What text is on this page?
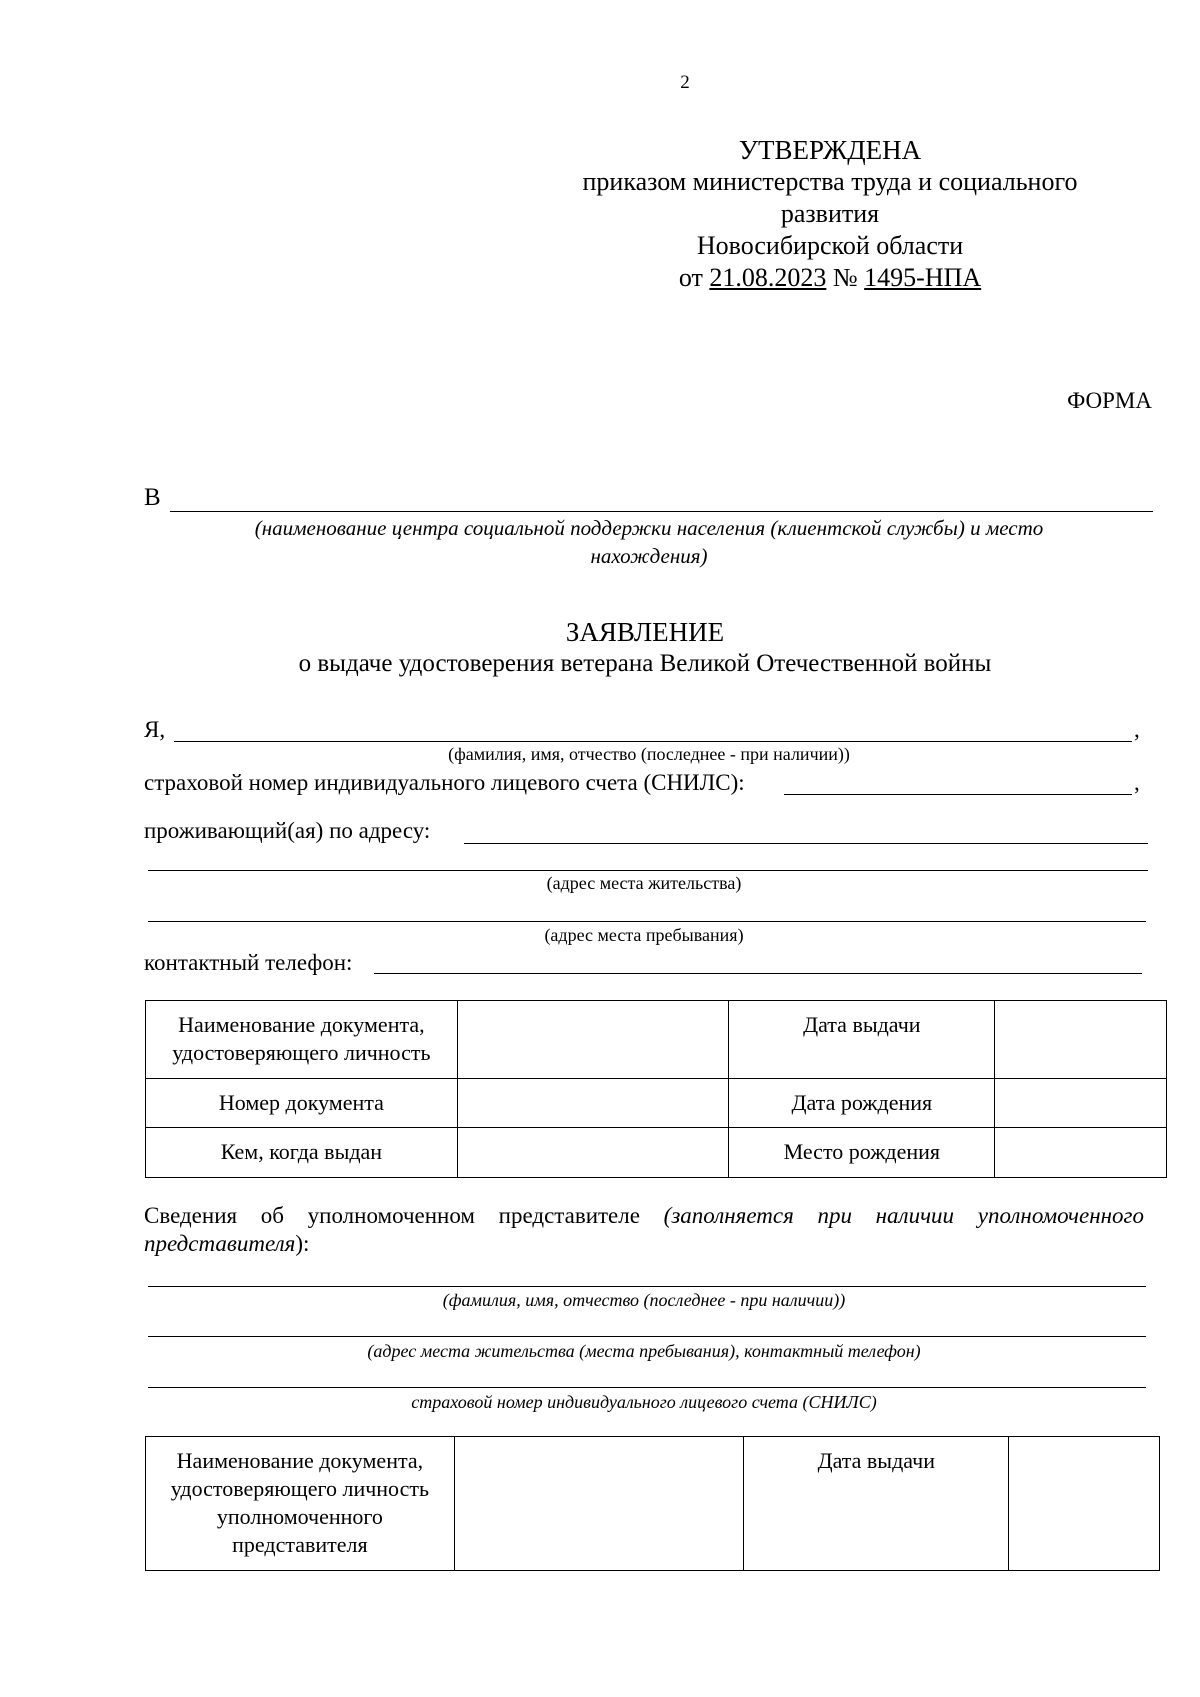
2
УТВЕРЖДЕНА
приказом министерства труда и социального
развития
Новосибирской области
от 21.08.2023 № 1495-НПА
ФОРМА
В
(наименование центра социальной поддержки населения (клиентской службы) и место
нахождения)
ЗАЯВЛЕНИЕ
о выдаче удостоверения ветерана Великой Отечественной войны
Я,	,
(фамилия, имя, отчество (последнее - при наличии))
страховой номер индивидуального лицевого счета (СНИЛС):	,
проживающий(ая) по адресу:
(адрес места жительства)
(адрес места пребывания)
контактный телефон:
Наименование документа, удостоверяющего личность		Дата выдачи	
Номер документа		Дата рождения	
Кем, когда выдан		Место рождения	
Сведения об уполномоченном представителе (заполняется при наличии уполномоченного
представителя):
(фамилия, имя, отчество (последнее - при наличии))
(адрес места жительства (места пребывания), контактный телефон)
страховой номер индивидуального лицевого счета (СНИЛС)
Наименование документа, удостоверяющего личность уполномоченного представителя		Дата выдачи	
